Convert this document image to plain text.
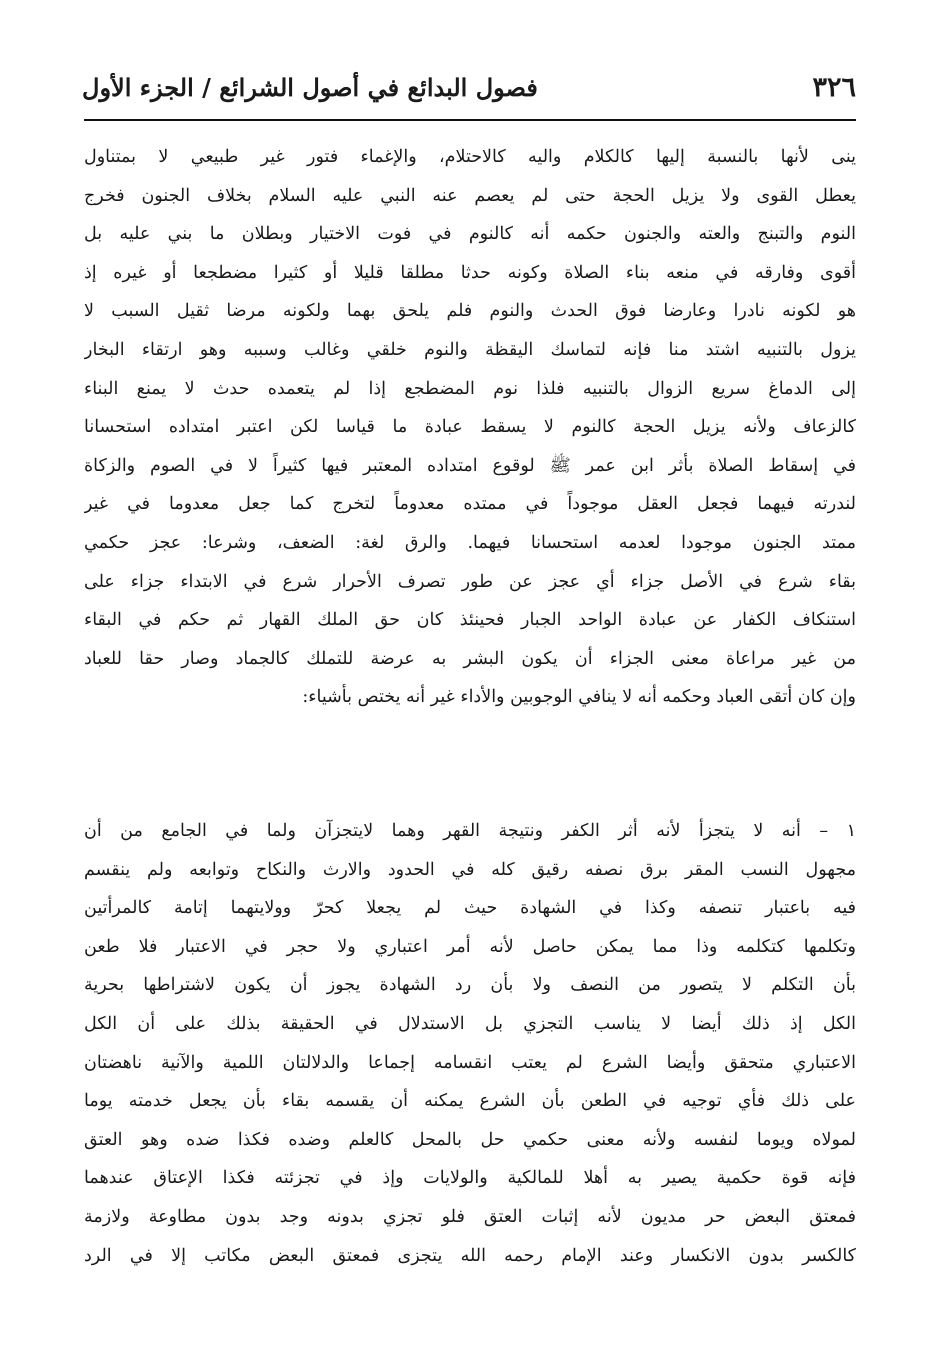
٣٢٦
فصول البدائع في أصول الشرائع / الجزء الأول
ينى لأنها بالنسبة إليها كالكلام واليه كالاحتلام، والإغماء فتور غير طبيعي لا بمتناول
يعطل القوى ولا يزيل الحجة حتى لم يعصم عنه النبي عليه السلام بخلاف الجنون فخرج
النوم والتبنج والعته والجنون حكمه أنه كالنوم في فوت الاختيار وبطلان ما بني عليه بل
أقوى وفارقه في منعه بناء الصلاة وكونه حدثا مطلقا قليلا أو كثيرا مضطجعا أو غيره إذ
هو لكونه نادرا وعارضا فوق الحدث والنوم فلم يلحق بهما ولكونه مرضا ثقيل السبب لا
يزول بالتنبيه اشتد منا فإنه لتماسك اليقظة والنوم خلقي وغالب وسببه وهو ارتقاء البخار
إلى الدماغ سريع الزوال بالتنبيه فلذا نوم المضطجع إذا لم يتعمده حدث لا يمنع البناء
كالزعاف ولأنه يزيل الحجة كالنوم لا يسقط عبادة ما قياسا لكن اعتبر امتداده استحسانا
في إسقاط الصلاة بأثر ابن عمر ﷺ لوقوع امتداده المعتبر فيها كثيراً لا في الصوم والزكاة
لندرته فيهما فجعل العقل موجوداً في ممتده معدوماً لتخرج كما جعل معدوما في غير
ممتد الجنون موجودا لعدمه استحسانا فيهما. والرق لغة: الضعف، وشرعا: عجز حكمي
بقاء شرع في الأصل جزاء أي عجز عن طور تصرف الأحرار شرع في الابتداء جزاء على
استنكاف الكفار عن عبادة الواحد الجبار فحينئذ كان حق الملك القهار ثم حكم في البقاء
من غير مراعاة معنى الجزاء أن يكون البشر به عرضة للتملك كالجماد وصار حقا للعباد
وإن كان أتقى العباد وحكمه أنه لا ينافي الوجوبين والأداء غير أنه يختص بأشياء:
١ – أنه لا يتجزأ لأنه أثر الكفر ونتيجة القهر وهما لايتجزآن ولما في الجامع من أن
مجهول النسب المقر برق نصفه رقيق كله في الحدود والارث والنكاح وتوابعه ولم ينقسم
فيه باعتبار تنصفه وكذا في الشهادة حيث لم يجعلا كحرّ وولايتهما إتامة كالمرأتين
وتكلمها كتكلمه وذا مما يمكن حاصل لأنه أمر اعتباري ولا حجر في الاعتبار فلا طعن
بأن التكلم لا يتصور من النصف ولا بأن رد الشهادة يجوز أن يكون لاشتراطها بحرية
الكل إذ ذلك أيضا لا يناسب التجزي بل الاستدلال في الحقيقة بذلك على أن الكل
الاعتباري متحقق وأيضا الشرع لم يعتب انقسامه إجماعا والدلالتان اللمية والآنية ناهضتان
على ذلك فأي توجيه في الطعن بأن الشرع يمكنه أن يقسمه بقاء بأن يجعل خدمته يوما
لمولاه ويوما لنفسه ولأنه معنى حكمي حل بالمحل كالعلم وضده فكذا ضده وهو العتق
فإنه قوة حكمية يصير به أهلا للمالكية والولايات وإذ في تجزئته فكذا الإعتاق عندهما
فمعتق البعض حر مديون لأنه إثبات العتق فلو تجزي بدونه وجد بدون مطاوعة ولازمة
كالكسر بدون الانكسار وعند الإمام رحمه الله يتجزى فمعتق البعض مكاتب إلا في الرد
